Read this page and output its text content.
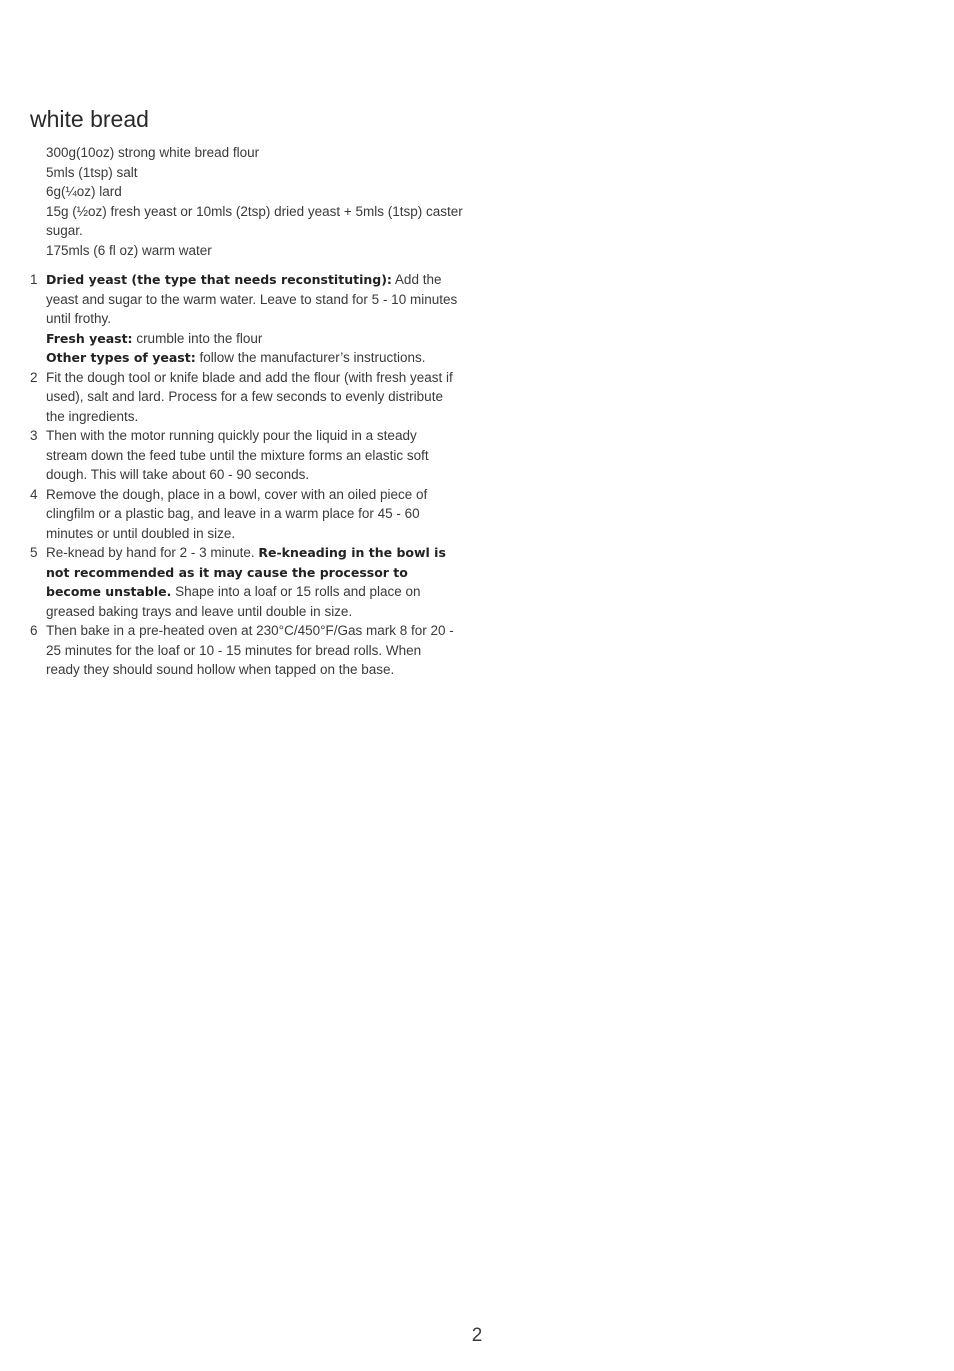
white bread
300g(10oz) strong white bread flour
5mls (1tsp) salt
6g(¼oz) lard
15g (½oz) fresh yeast or 10mls (2tsp) dried yeast + 5mls (1tsp) caster sugar.
175mls (6 fl oz) warm water
1 Dried yeast (the type that needs reconstituting): Add the yeast and sugar to the warm water. Leave to stand for 5 - 10 minutes until frothy.
Fresh yeast: crumble into the flour
Other types of yeast: follow the manufacturer’s instructions.
2 Fit the dough tool or knife blade and add the flour (with fresh yeast if used), salt and lard. Process for a few seconds to evenly distribute the ingredients.
3 Then with the motor running quickly pour the liquid in a steady stream down the feed tube until the mixture forms an elastic soft dough. This will take about 60 - 90 seconds.
4 Remove the dough, place in a bowl, cover with an oiled piece of clingfilm or a plastic bag, and leave in a warm place for 45 - 60 minutes or until doubled in size.
5 Re-knead by hand for 2 - 3 minute. Re-kneading in the bowl is not recommended as it may cause the processor to become unstable. Shape into a loaf or 15 rolls and place on greased baking trays and leave until double in size.
6 Then bake in a pre-heated oven at 230°C/450°F/Gas mark 8 for 20 - 25 minutes for the loaf or 10 - 15 minutes for bread rolls. When ready they should sound hollow when tapped on the base.
2
